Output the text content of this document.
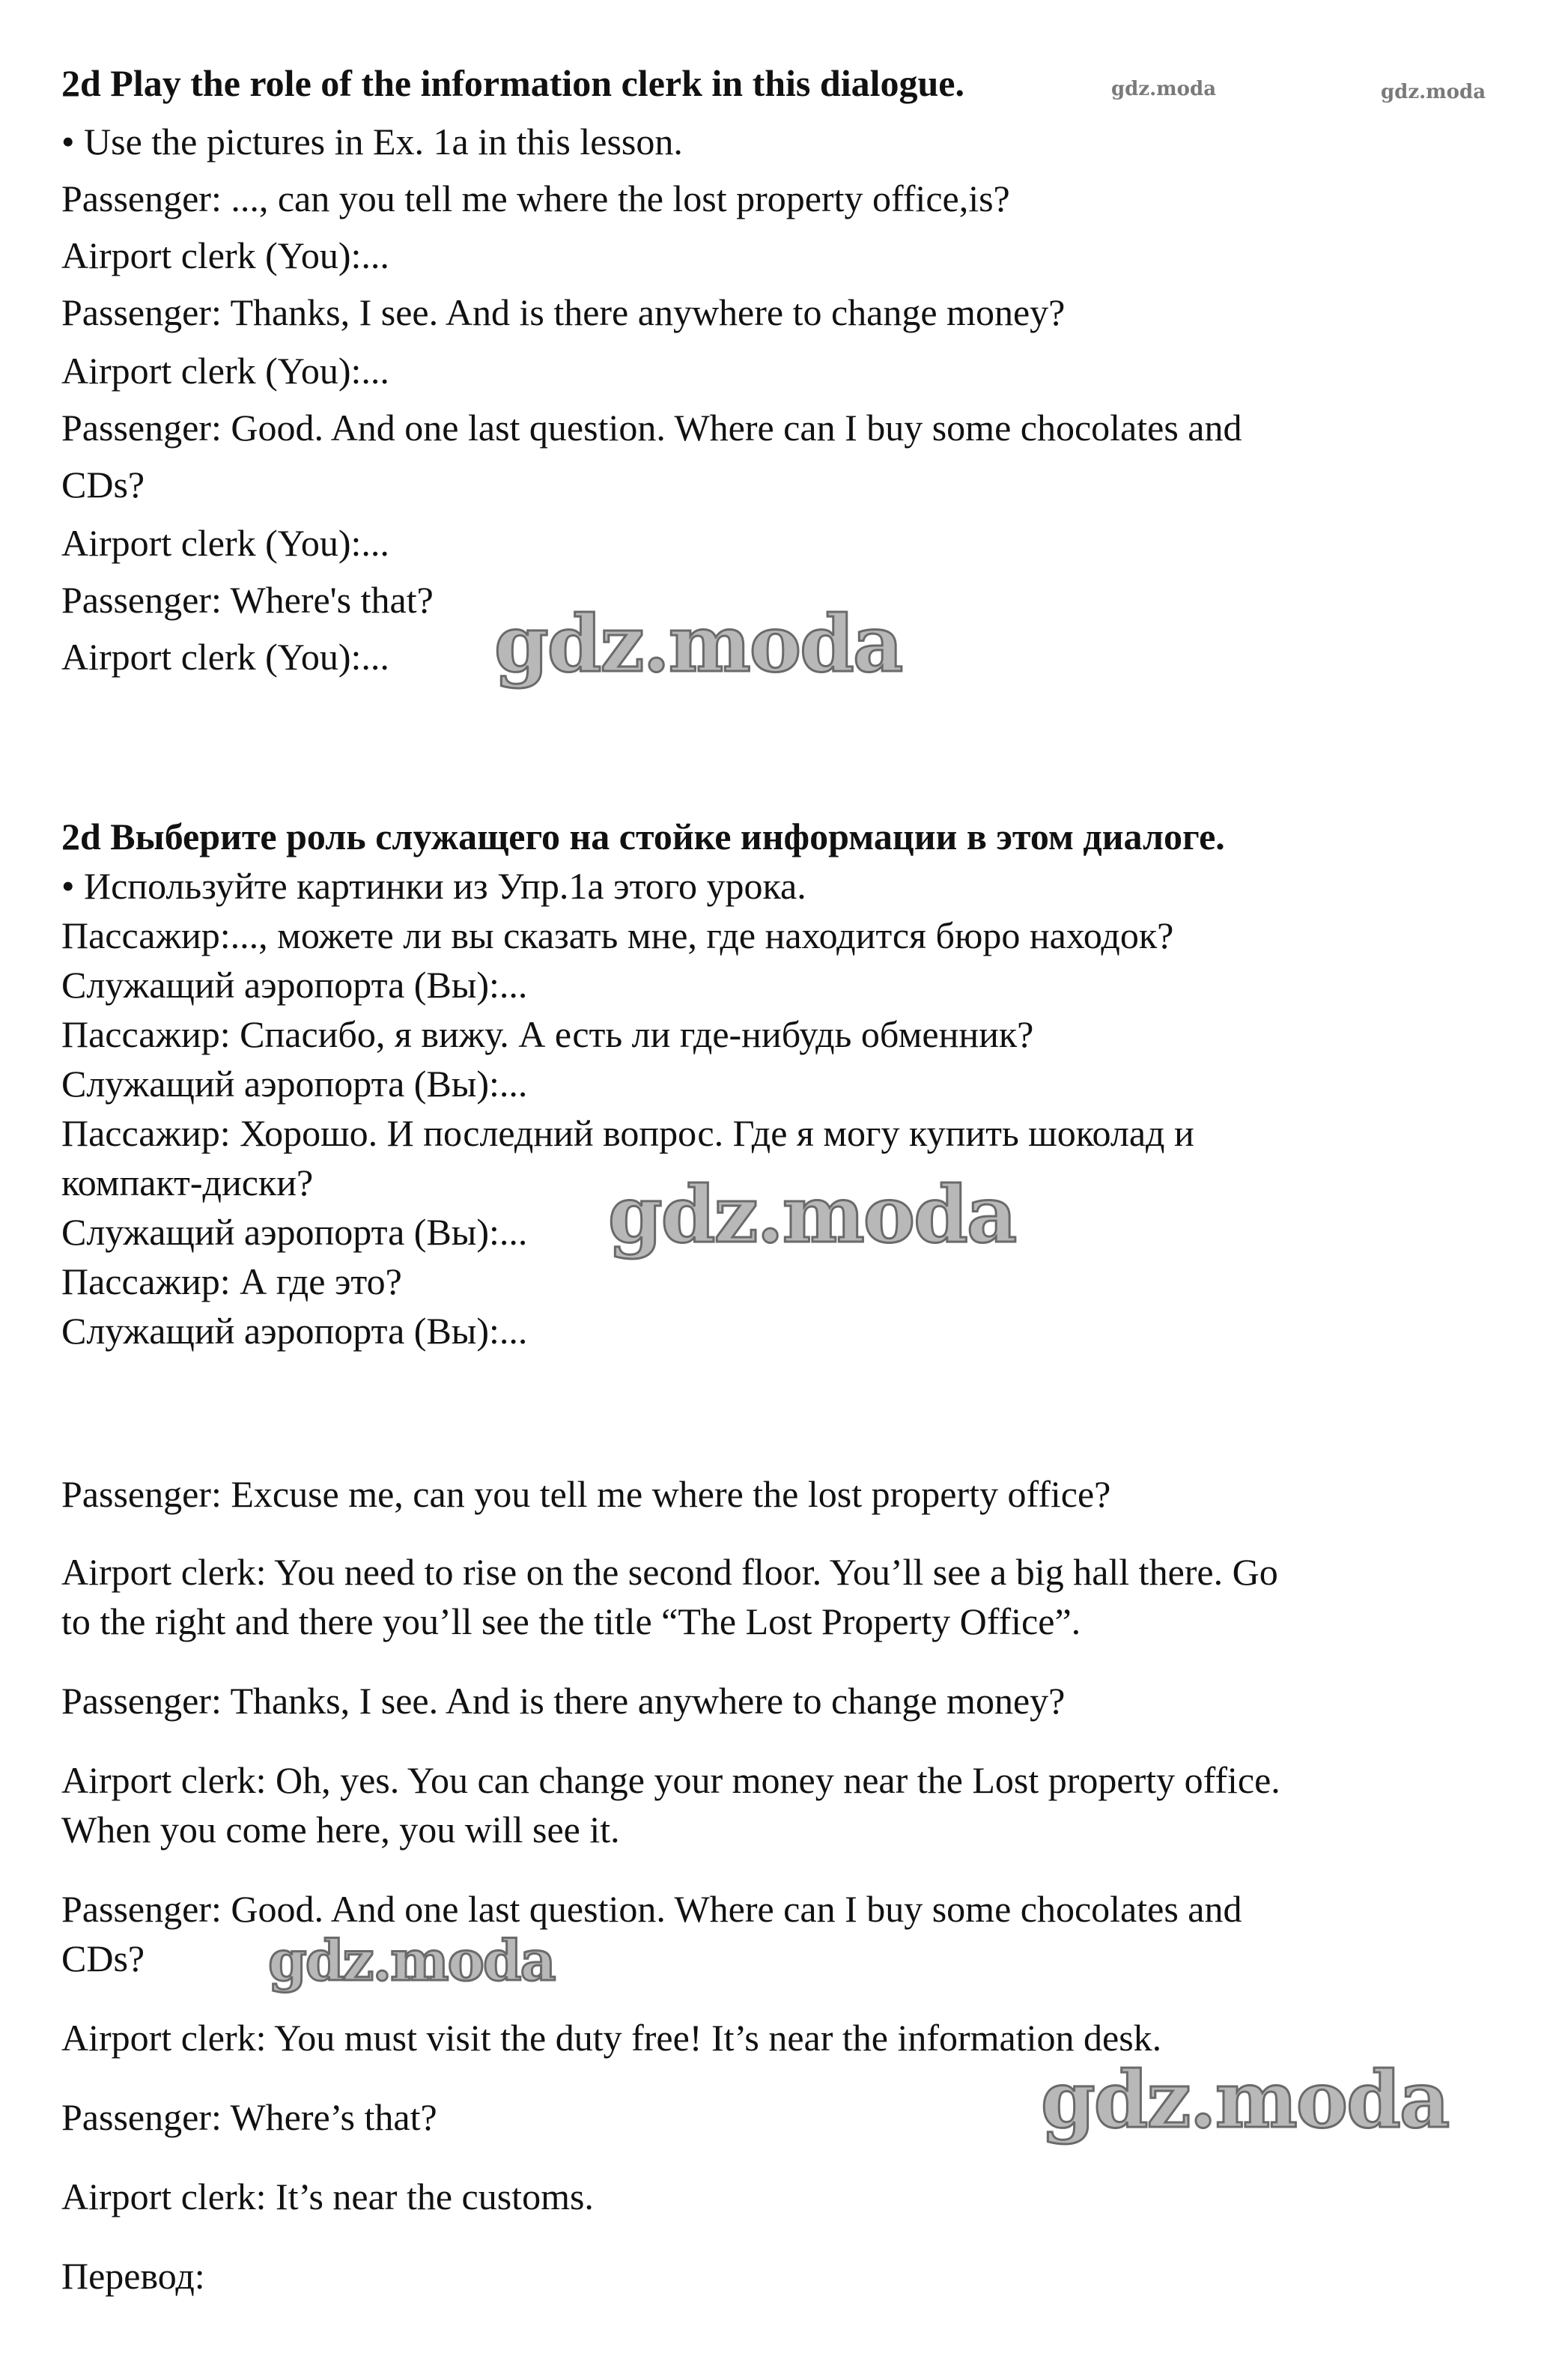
2d Play the role of the information clerk in this dialogue.

• Use the pictures in Ex. 1a in this lesson.

Passenger: ..., can you tell me where the lost property office,is?

Airport clerk (You):...

Passenger: Thanks, I see. And is there anywhere to change money?

Airport clerk (You):...

Passenger: Good. And one last question. Where can I buy some chocolates and

CDs?

Airport clerk (You):...

Passenger: Where's that?

Airport clerk (You):...

2d Выберите роль служащего на стойке информации в этом диалоге.

• Используйте картинки из Упр.1a этого урока.

Пассажир:..., можете ли вы сказать мне, где находится бюро находок?

Служащий аэропорта (Вы):...

Пассажир: Спасибо, я вижу. А есть ли где-нибудь обменник?

Служащий аэропорта (Вы):...

Пассажир: Хорошо. И последний вопрос. Где я могу купить шоколад и

компакт-диски?

Служащий аэропорта (Вы):...

Пассажир: А где это?

Служащий аэропорта (Вы):...

Passenger: Excuse me, can you tell me where the lost property office?

Airport clerk: You need to rise on the second floor. You’ll see a big hall there. Go

to the right and there you’ll see the title “The Lost Property Office”.

Passenger: Thanks, I see. And is there anywhere to change money?

Airport clerk: Oh, yes. You can change your money near the Lost property office.

When you come here, you will see it.

Passenger: Good. And one last question. Where can I buy some chocolates and

CDs?

Airport clerk: You must visit the duty free! It’s near the information desk.

Passenger: Where’s that?

Airport clerk: It’s near the customs.

Перевод:

gdz.moda	gdz.moda
gdz.moda
gdz.moda
gdz.moda
gdz.moda
